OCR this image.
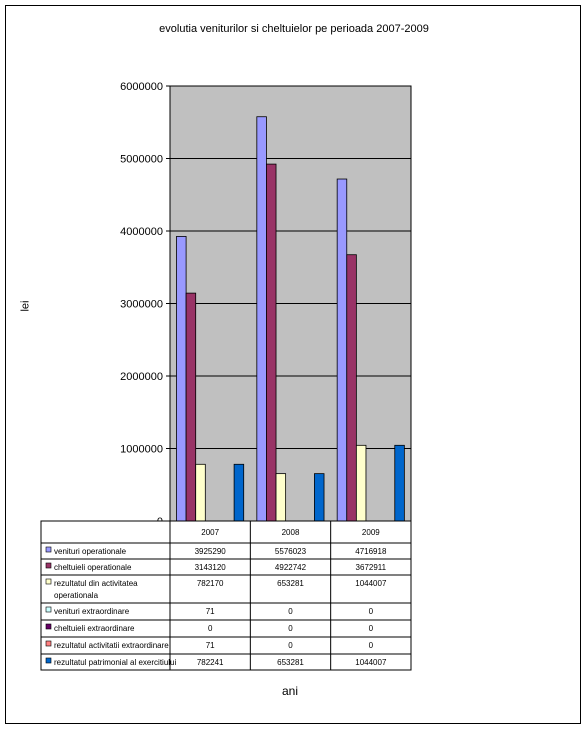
evolutia veniturilor si cheltuielor pe perioada 2007-2009
lei
ani
1000000
2000000
3000000
4000000
5000000
6000000
2007	2008	2009
venituri operationale	3925290	5576023	4716918
cheltuieli operationale	3143120	4922742	3672911
rezultatul din activitatea
operationala
782170	653281	1044007
venituri extraordinare	71	0	0
cheltuieli extraordinare	0	0	0
rezultatul activitatii extraordinare	71	0	0
rezultatul patrimonial al exercitiului	782241	653281	1044007
